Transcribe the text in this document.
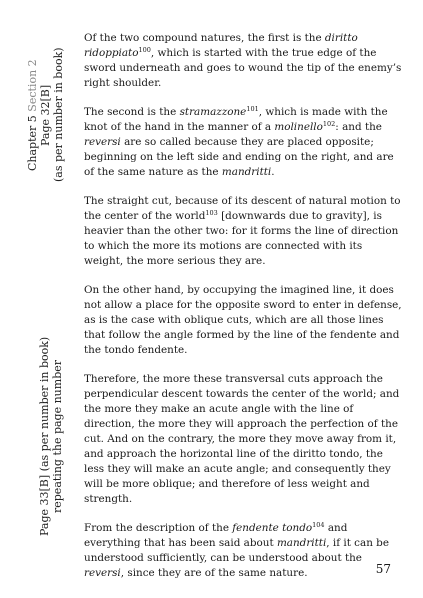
Chapter 5 Section 2 Page 32[B] (as per number in book)
Page 33[B] (as per number in book) repeating the page number

Of the two compound natures, the first is the diritto ridoppiato$^{100}$, which is started with the true edge of the sword underneath and goes to wound the tip of the enemy’s right shoulder.

The second is the stramazzone$^{101}$, which is made with the knot of the hand in the manner of a molinello$^{102}$: and the reversi are so called because they are placed opposite; beginning on the left side and ending on the right, and are of the same nature as the mandritti.

The straight cut, because of its descent of natural motion to the center of the world$^{103}$ [downwards due to gravity], is heavier than the other two: for it forms the line of direction to which the more its motions are connected with its weight, the more serious they are.

On the other hand, by occupying the imagined line, it does not allow a place for the opposite sword to enter in defense, as is the case with oblique cuts, which are all those lines that follow the angle formed by the line of the fendente and the tondo fendente.

Therefore, the more these transversal cuts approach the perpendicular descent towards the center of the world; and the more they make an acute angle with the line of direction, the more they will approach the perfection of the cut. And on the contrary, the more they move away from it, and approach the horizontal line of the diritto tondo, the less they will make an acute angle; and consequently they will be more oblique; and therefore of less weight and strength.

From the description of the fendente tondo$^{104}$ and everything that has been said about mandritti, if it can be understood sufficiently, can be understood about the reversi, since they are of the same nature.	57
